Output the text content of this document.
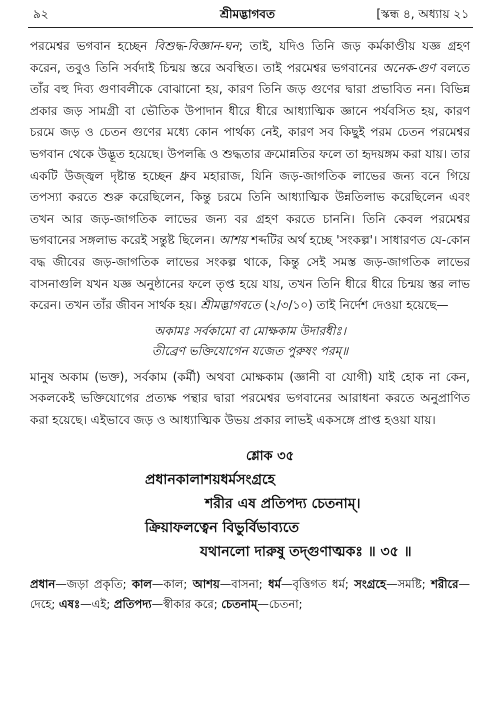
৯২	শ্রীমদ্ভাগবত	[স্কন্ধ ৪, অধ্যায় ২১

পরমেশ্বর ভগবান হচ্ছেন বিশুদ্ধ-বিজ্ঞান-ঘন; তাই, যদিও তিনি জড় কর্মকাণ্ডীয় যজ্ঞ গ্রহণ করেন, তবুও তিনি সর্বদাই চিন্ময় স্তরে অবস্থিত। তাই পরমেশ্বর ভগবানের অনেক-গুণ বলতে তাঁর বহু দিব্য গুণাবলীকে বোঝানো হয়, কারণ তিনি জড় গুণের দ্বারা প্রভাবিত নন। বিভিন্ন প্রকার জড় সামগ্রী বা ভৌতিক উপাদান ধীরে ধীরে আধ্যাত্মিক জ্ঞানে পর্যবসিত হয়, কারণ চরমে জড় ও চেতন গুণের মধ্যে কোন পার্থক্য নেই, কারণ সব কিছুই পরম চেতন পরমেশ্বর ভগবান থেকে উদ্ভূত হয়েছে। উপলব্ধি ও শুদ্ধতার ক্রমোন্নতির ফলে তা হৃদয়ঙ্গম করা যায়। তার একটি উজ্জ্বল দৃষ্টান্ত হচ্ছেন ধ্রুব মহারাজ, যিনি জড়-জাগতিক লাভের জন্য বনে গিয়ে তপস্যা করতে শুরু করেছিলেন, কিন্তু চরমে তিনি আধ্যাত্মিক উন্নতিলাভ করেছিলেন এবং তখন আর জড়-জাগতিক লাভের জন্য বর গ্রহণ করতে চাননি। তিনি কেবল পরমেশ্বর ভগবানের সঙ্গলাভ করেই সন্তুষ্ট ছিলেন। আশয় শব্দটির অর্থ হচ্ছে 'সংকল্প'। সাধারণত যে-কোন বদ্ধ জীবের জড়-জাগতিক লাভের সংকল্প থাকে, কিন্তু সেই সমস্ত জড়-জাগতিক লাভের বাসনাগুলি যখন যজ্ঞ অনুষ্ঠানের ফলে তৃপ্ত হয়ে যায়, তখন তিনি ধীরে ধীরে চিন্ময় স্তর লাভ করেন। তখন তাঁর জীবন সার্থক হয়। শ্রীমদ্ভাগবতে (২/৩/১০) তাই নির্দেশ দেওয়া হয়েছে—

অকামঃ সর্বকামো বা মোক্ষকাম উদারধীঃ।
তীব্রেণ ভক্তিযোগেন যজেত পুরুষং পরম্॥

মানুষ অকাম (ভক্ত), সর্বকাম (কর্মী) অথবা মোক্ষকাম (জ্ঞানী বা যোগী) যাই হোক না কেন, সকলকেই ভক্তিযোগের প্রত্যক্ষ পন্থার দ্বারা পরমেশ্বর ভগবানের আরাধনা করতে অনুপ্রাণিত করা হয়েছে। এইভাবে জড় ও আধ্যাত্মিক উভয় প্রকার লাভই একসঙ্গে প্রাপ্ত হওয়া যায়।

শ্লোক ৩৫
প্রধানকালাশয়ধর্মসংগ্রহে
শরীর এষ প্রতিপদ্য চেতনাম্।
ক্রিয়াফলত্বেন বিভুর্বিভাব্যতে
যথানলো দারুষু তদ্গুণাত্মকঃ ॥ ৩৫ ॥
প্রধান—জড়া প্রকৃতি; কাল—কাল; আশয়—বাসনা; ধর্ম—বৃত্তিগত ধর্ম; সংগ্রহে—সমষ্টি; শরীরে—দেহে; এষঃ—এই; প্রতিপদ্য—স্বীকার করে; চেতনাম্—চেতনা;
